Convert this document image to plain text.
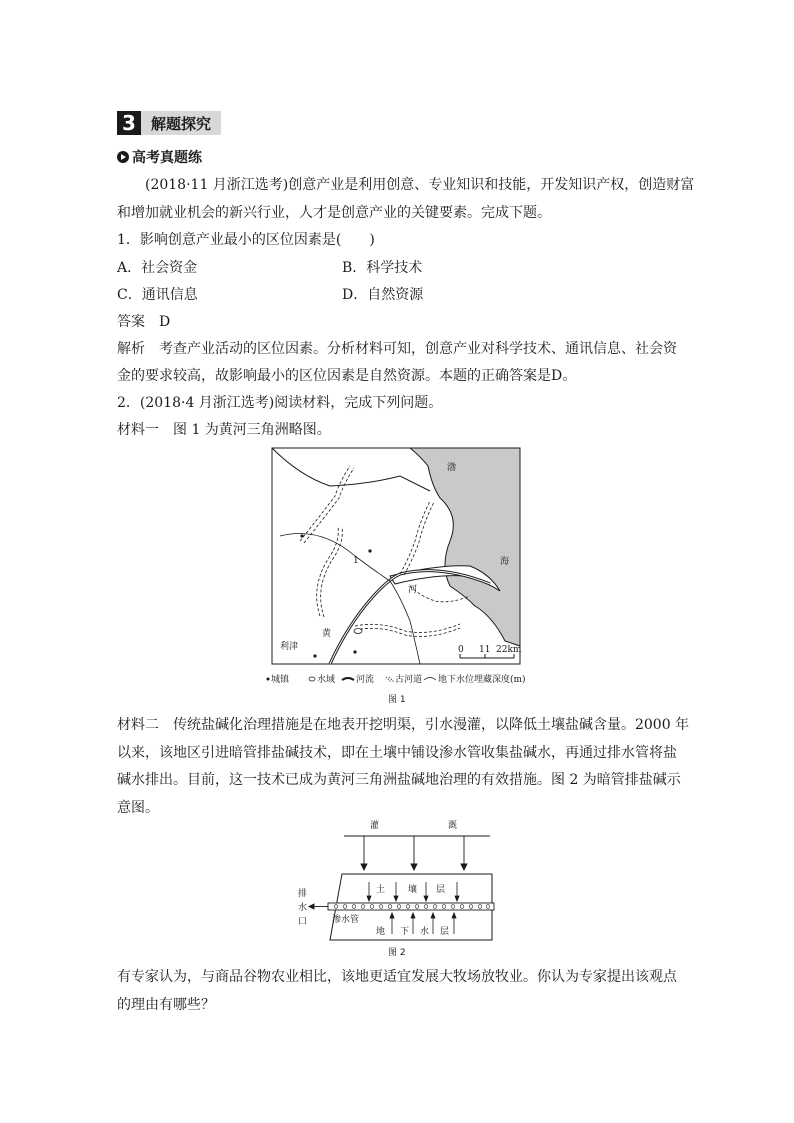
3	解题探究
高考真题练
(2018·11 月浙江选考)创意产业是利用创意、专业知识和技能，开发知识产权，创造财富
和增加就业机会的新兴行业，人才是创意产业的关键要素。完成下题。
1．影响创意产业最小的区位因素是(　　)
A．社会资金	B．科学技术
C．通讯信息	D．自然资源
答案　 D
解析　 考查产业活动的区位因素。分析材料可知，创意产业对科学技术、通讯信息、社会资
金的要求较高，故影响最小的区位因素是自然资源。本题的正确答案是D。
2．(2018·4 月浙江选考)阅读材料，完成下列问题。
材料一　图 1 为黄河三角洲略图。
渤
海
河
黄
利津
1
0 11 22km
城镇	水域 河流 古河道 地下水位埋藏深度(m)
图 1
材料二　传统盐碱化治理措施是在地表开挖明渠，引水漫灌，以降低土壤盐碱含量。2000 年
以来，该地区引进暗管排盐碱技术，即在土壤中铺设渗水管收集盐碱水，再通过排水管将盐
碱水排出。目前，这一技术已成为黄河三角洲盐碱地治理的有效措施。图 2 为暗管排盐碱示
意图。
灌	溉
土	壤 层
排
水
口	渗水管
地 下 水 层
图 2
有专家认为，与商品谷物农业相比，该地更适宜发展大牧场放牧业。你认为专家提出该观点
的理由有哪些？
